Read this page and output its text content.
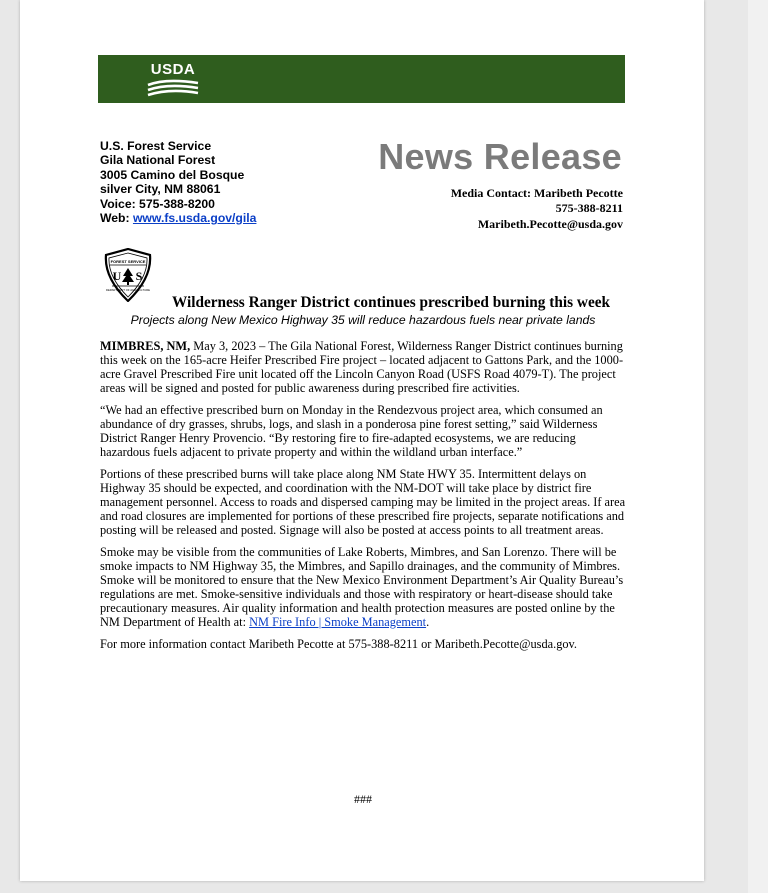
USDA
U.S. Forest Service
Gila National Forest
3005 Camino del Bosque
silver City, NM 88061
Voice: 575-388-8200
Web: www.fs.usda.gov/gila
News Release
Media Contact: Maribeth Pecotte
575-388-8211
Maribeth.Pecotte@usda.gov
FOREST SERVICE
U S
DEPARTMENT OF AGRICULTURE
Wilderness Ranger District continues prescribed burning this week
Projects along New Mexico Highway 35 will reduce hazardous fuels near private lands

MIMBRES, NM, May 3, 2023 – The Gila National Forest, Wilderness Ranger District continues burning this week on the 165-acre Heifer Prescribed Fire project – located adjacent to Gattons Park, and the 1000-acre Gravel Prescribed Fire unit located off the Lincoln Canyon Road (USFS Road 4079-T). The project areas will be signed and posted for public awareness during prescribed fire activities.

“We had an effective prescribed burn on Monday in the Rendezvous project area, which consumed an abundance of dry grasses, shrubs, logs, and slash in a ponderosa pine forest setting,” said Wilderness District Ranger Henry Provencio. “By restoring fire to fire-adapted ecosystems, we are reducing hazardous fuels adjacent to private property and within the wildland urban interface.”

Portions of these prescribed burns will take place along NM State HWY 35. Intermittent delays on Highway 35 should be expected, and coordination with the NM-DOT will take place by district fire management personnel. Access to roads and dispersed camping may be limited in the project areas. If area and road closures are implemented for portions of these prescribed fire projects, separate notifications and posting will be released and posted. Signage will also be posted at access points to all treatment areas.

Smoke may be visible from the communities of Lake Roberts, Mimbres, and San Lorenzo. There will be smoke impacts to NM Highway 35, the Mimbres, and Sapillo drainages, and the community of Mimbres. Smoke will be monitored to ensure that the New Mexico Environment Department’s Air Quality Bureau’s regulations are met. Smoke-sensitive individuals and those with respiratory or heart-disease should take precautionary measures. Air quality information and health protection measures are posted online by the NM Department of Health at: NM Fire Info | Smoke Management.

For more information contact Maribeth Pecotte at 575-388-8211 or Maribeth.Pecotte@usda.gov.

###
